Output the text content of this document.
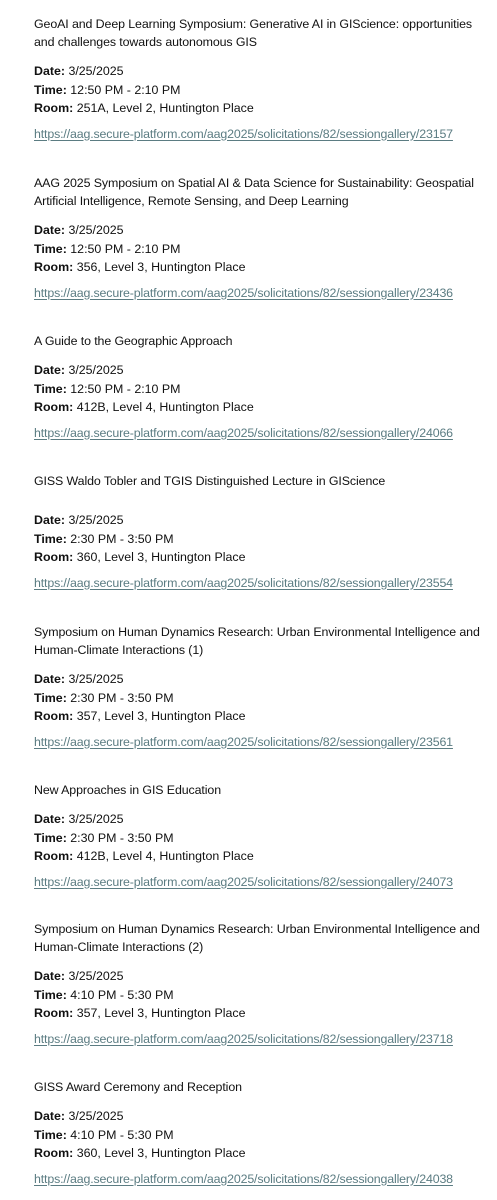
GeoAI and Deep Learning Symposium: Generative AI in GIScience: opportunities and challenges towards autonomous GIS

Date: 3/25/2025

Time: 12:50 PM - 2:10 PM

Room: 251A, Level 2, Huntington Place

https://aag.secure-platform.com/aag2025/solicitations/82/sessiongallery/23157

AAG 2025 Symposium on Spatial AI & Data Science for Sustainability: Geospatial Artificial Intelligence, Remote Sensing, and Deep Learning

Date: 3/25/2025

Time: 12:50 PM - 2:10 PM

Room: 356, Level 3, Huntington Place

https://aag.secure-platform.com/aag2025/solicitations/82/sessiongallery/23436

A Guide to the Geographic Approach

Date: 3/25/2025

Time: 12:50 PM - 2:10 PM

Room: 412B, Level 4, Huntington Place

https://aag.secure-platform.com/aag2025/solicitations/82/sessiongallery/24066

GISS Waldo Tobler and TGIS Distinguished Lecture in GIScience

Date: 3/25/2025

Time: 2:30 PM - 3:50 PM

Room: 360, Level 3, Huntington Place

https://aag.secure-platform.com/aag2025/solicitations/82/sessiongallery/23554

Symposium on Human Dynamics Research: Urban Environmental Intelligence and Human-Climate Interactions (1)

Date: 3/25/2025

Time: 2:30 PM - 3:50 PM

Room: 357, Level 3, Huntington Place

https://aag.secure-platform.com/aag2025/solicitations/82/sessiongallery/23561

New Approaches in GIS Education

Date: 3/25/2025

Time: 2:30 PM - 3:50 PM

Room: 412B, Level 4, Huntington Place

https://aag.secure-platform.com/aag2025/solicitations/82/sessiongallery/24073

Symposium on Human Dynamics Research: Urban Environmental Intelligence and Human-Climate Interactions (2)

Date: 3/25/2025

Time: 4:10 PM - 5:30 PM

Room: 357, Level 3, Huntington Place

https://aag.secure-platform.com/aag2025/solicitations/82/sessiongallery/23718

GISS Award Ceremony and Reception

Date: 3/25/2025

Time: 4:10 PM - 5:30 PM

Room: 360, Level 3, Huntington Place

https://aag.secure-platform.com/aag2025/solicitations/82/sessiongallery/24038
